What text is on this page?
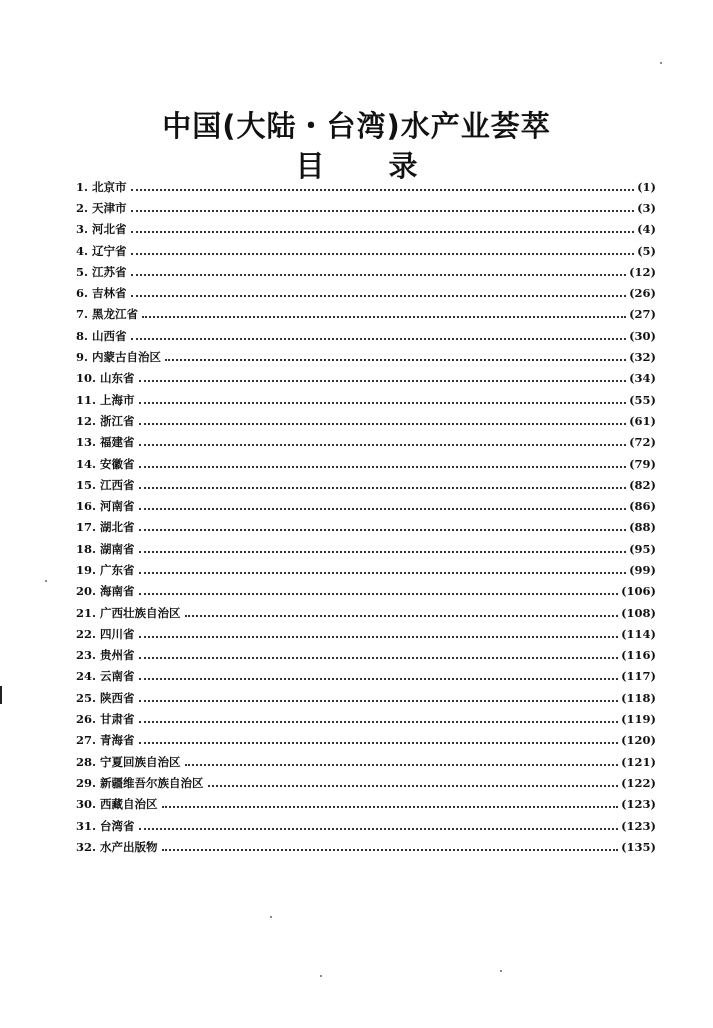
中国(大陆・台湾)水产业荟萃
目 录
1. 北京市	(1)
2. 天津市	(3)
3. 河北省	(4)
4. 辽宁省	(5)
5. 江苏省	(12)
6. 吉林省	(26)
7. 黑龙江省	(27)
8. 山西省	(30)
9. 内蒙古自治区	(32)
10. 山东省	(34)
11. 上海市	(55)
12. 浙江省	(61)
13. 福建省	(72)
14. 安徽省	(79)
15. 江西省	(82)
16. 河南省	(86)
17. 湖北省	(88)
18. 湖南省	(95)
19. 广东省	(99)
20. 海南省	(106)
21. 广西壮族自治区	(108)
22. 四川省	(114)
23. 贵州省	(116)
24. 云南省	(117)
25. 陕西省	(118)
26. 甘肃省	(119)
27. 青海省	(120)
28. 宁夏回族自治区	(121)
29. 新疆维吾尔族自治区	(122)
30. 西藏自治区	(123)
31. 台湾省	(123)
32. 水产出版物	(135)
